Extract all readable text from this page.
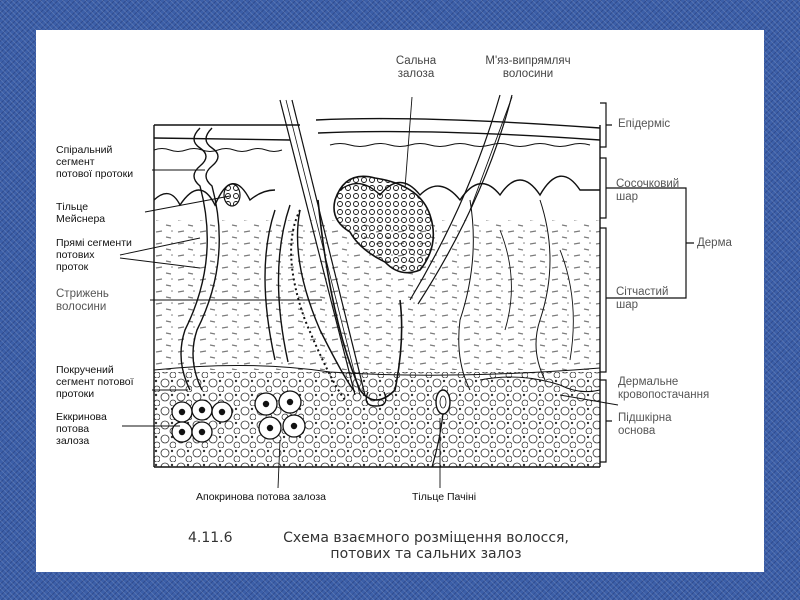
Спіральний
сегмент
потової протоки
Тільце
Мейснера
Прямі сегменти
потових
проток
Стрижень
волосини
Покручений
сегмент потової
протоки
Еккринова
потова
залоза
Апокринова потова залоза	Тільце Пачіні
Сальна
залоза
М'яз-випрямляч
волосини
Епідерміс
Сосочковий
шар
Сітчастий
шар
Дерма
Дермальне
кровопостачання
Підшкірна
основа
4.11.6	Схема взаємного розміщення волосся,
потових та сальних залоз
